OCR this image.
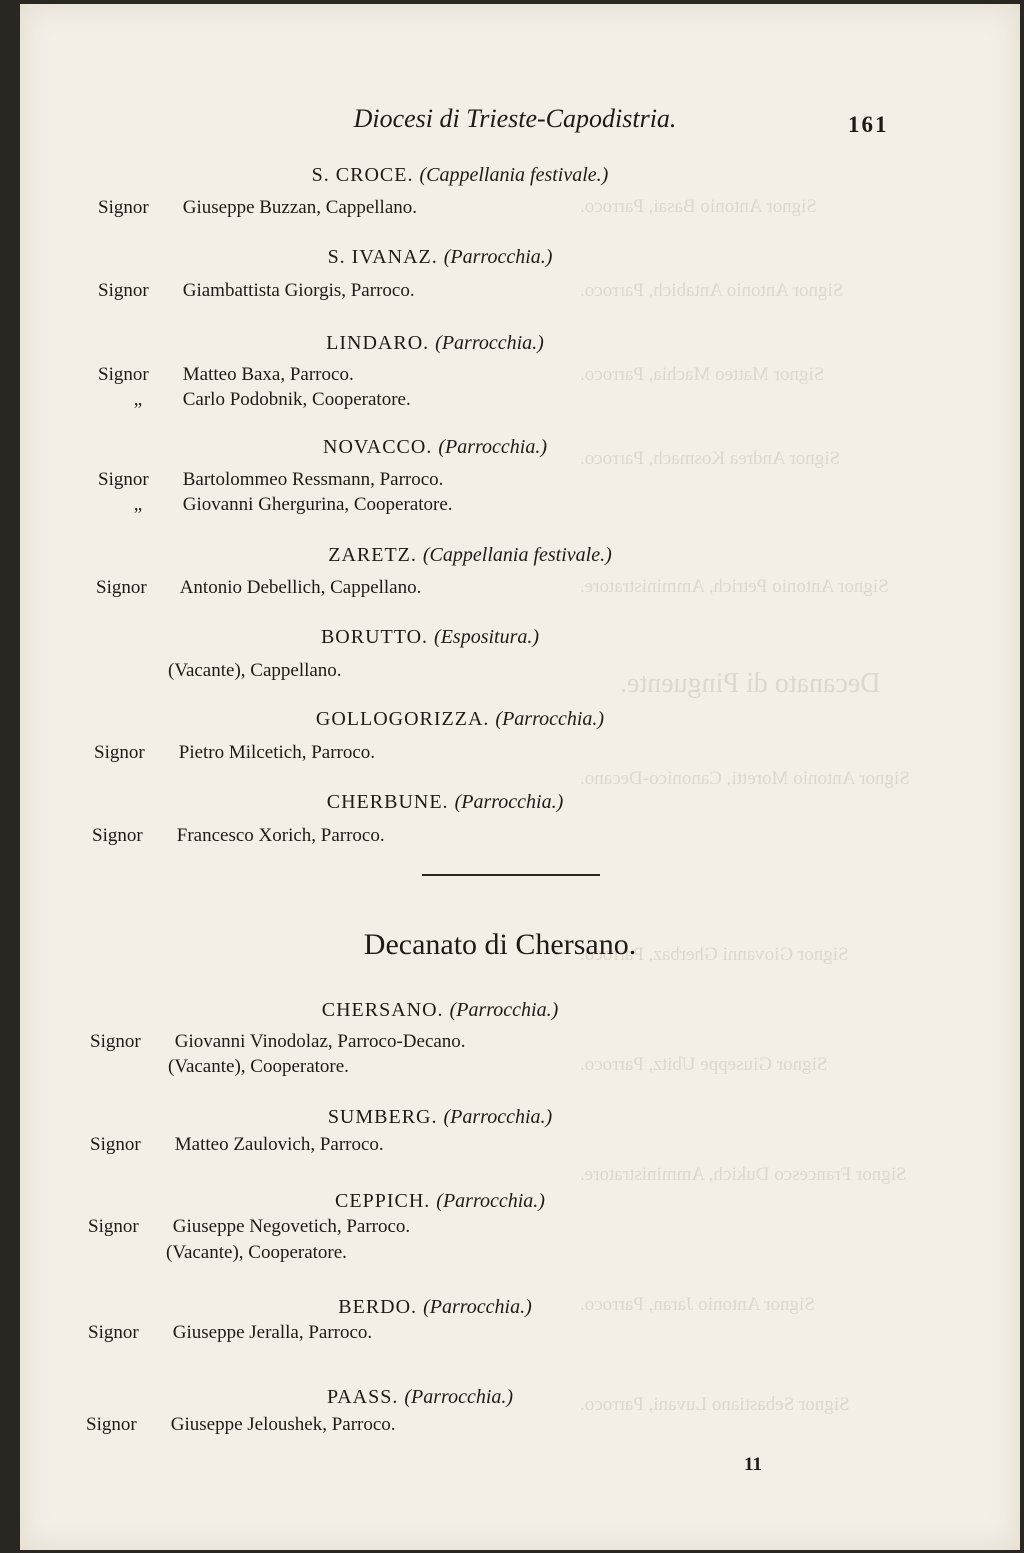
Signor Antonio Basai, Parroco.
Signor Antonio Antabich, Parroco.
Signor Matteo Machia, Parroco.
Signor Andrea Kosmach, Parroco.
Signor Antonio Petrich, Amministratore.
Decanato di Pinguente.
Signor Antonio Moretti, Canonico-Decano.
Signor Giovanni Gherbaz, Parroco.
Signor Giuseppe Ubitz, Parroco.
Signor Francesco Dukich, Amministratore.
Signor Antonio Jaran, Parroco.
Signor Sebastiano Luvani, Parroco.
Diocesi di Trieste-Capodistria.	161
S. CROCE. (Cappellania festivale.)
Signor Giuseppe Buzzan, Cappellano.
S. IVANAZ. (Parrocchia.)
Signor Giambattista Giorgis, Parroco.
LINDARO. (Parrocchia.)
Signor Matteo Baxa, Parroco.
„ Carlo Podobnik, Cooperatore.
NOVACCO. (Parrocchia.)
Signor Bartolommeo Ressmann, Parroco.
„ Giovanni Ghergurina, Cooperatore.
ZARETZ. (Cappellania festivale.)
Signor Antonio Debellich, Cappellano.
BORUTTO. (Espositura.)
(Vacante), Cappellano.
GOLLOGORIZZA. (Parrocchia.)
Signor Pietro Milcetich, Parroco.
CHERBUNE. (Parrocchia.)
Signor Francesco Xorich, Parroco.
Decanato di Chersano.
CHERSANO. (Parrocchia.)
Signor Giovanni Vinodolaz, Parroco-Decano.
(Vacante), Cooperatore.
SUMBERG. (Parrocchia.)
Signor Matteo Zaulovich, Parroco.
CEPPICH. (Parrocchia.)
Signor Giuseppe Negovetich, Parroco.
(Vacante), Cooperatore.
BERDO. (Parrocchia.)
Signor Giuseppe Jeralla, Parroco.
PAASS. (Parrocchia.)
Signor Giuseppe Jeloushek, Parroco.
11
